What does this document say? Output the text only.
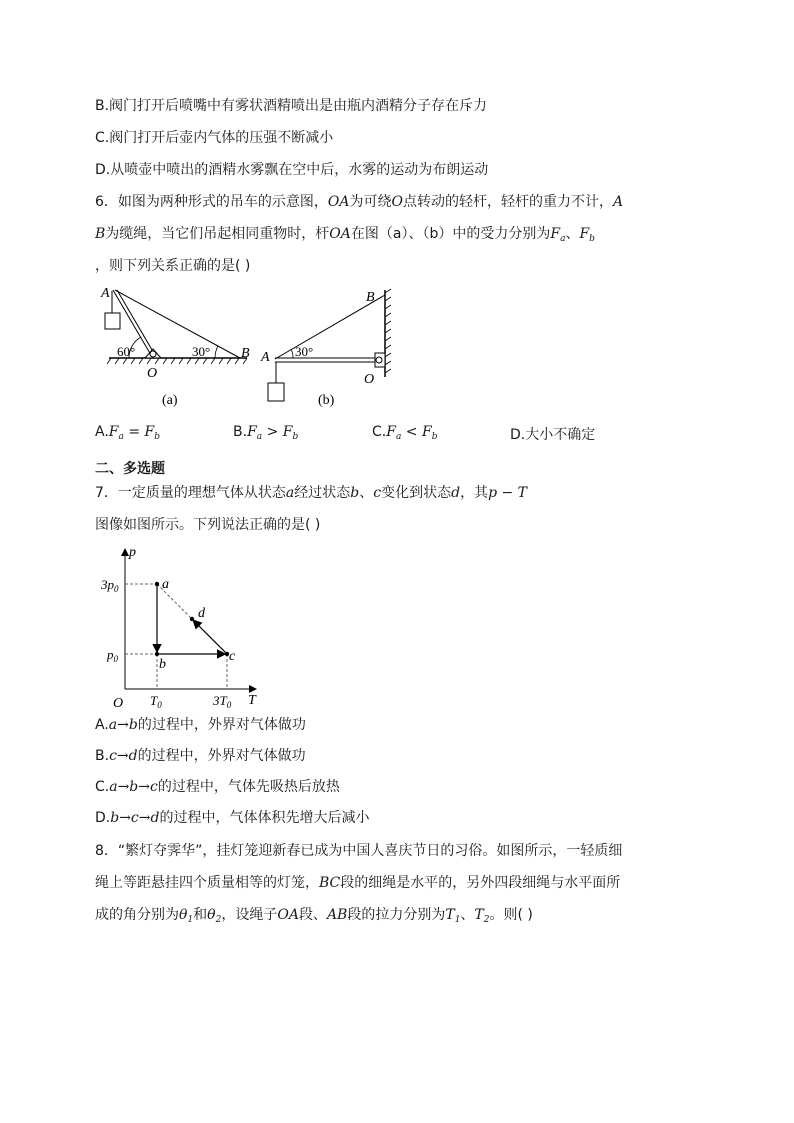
B.阀门打开后喷嘴中有雾状酒精喷出是由瓶内酒精分子存在斥力
C.阀门打开后壶内气体的压强不断减小
D.从喷壶中喷出的酒精水雾飘在空中后，水雾的运动为布朗运动
6．如图为两种形式的吊车的示意图，OA为可绕O点转动的轻杆，轻杆的重力不计，A
B为缆绳，当它们吊起相同重物时，杆OA在图（a）、（b）中的受力分别为$F_a$、$F_b$
，则下列关系正确的是( )
A
B
O
60°	30°
(a)
A
B
O
30°
(b)
$A.F_a = F_b$	$B.F_a > F_b$	$C.F_a < F_b$	D.大小不确定
二、多选题
7．一定质量的理想气体从状态a经过状态b、c变化到状态d，其p − T
图像如图所示。下列说法正确的是( )
p
T
O
$3p_0$
$p_0$
$T_0$	$3T_0$
a
b
c
d
A.a→b的过程中，外界对气体做功
B.c→d的过程中，外界对气体做功
C.a→b→c的过程中，气体先吸热后放热
D.b→c→d的过程中，气体体积先增大后减小
8．“繁灯夺霁华”，挂灯笼迎新春已成为中国人喜庆节日的习俗。如图所示，一轻质细
绳上等距悬挂四个质量相等的灯笼，BC段的细绳是水平的，另外四段细绳与水平面所
成的角分别为$\theta_1$和$\theta_2$，设绳子OA段、AB段的拉力分别为$T_1$、$T_2$。则( )
